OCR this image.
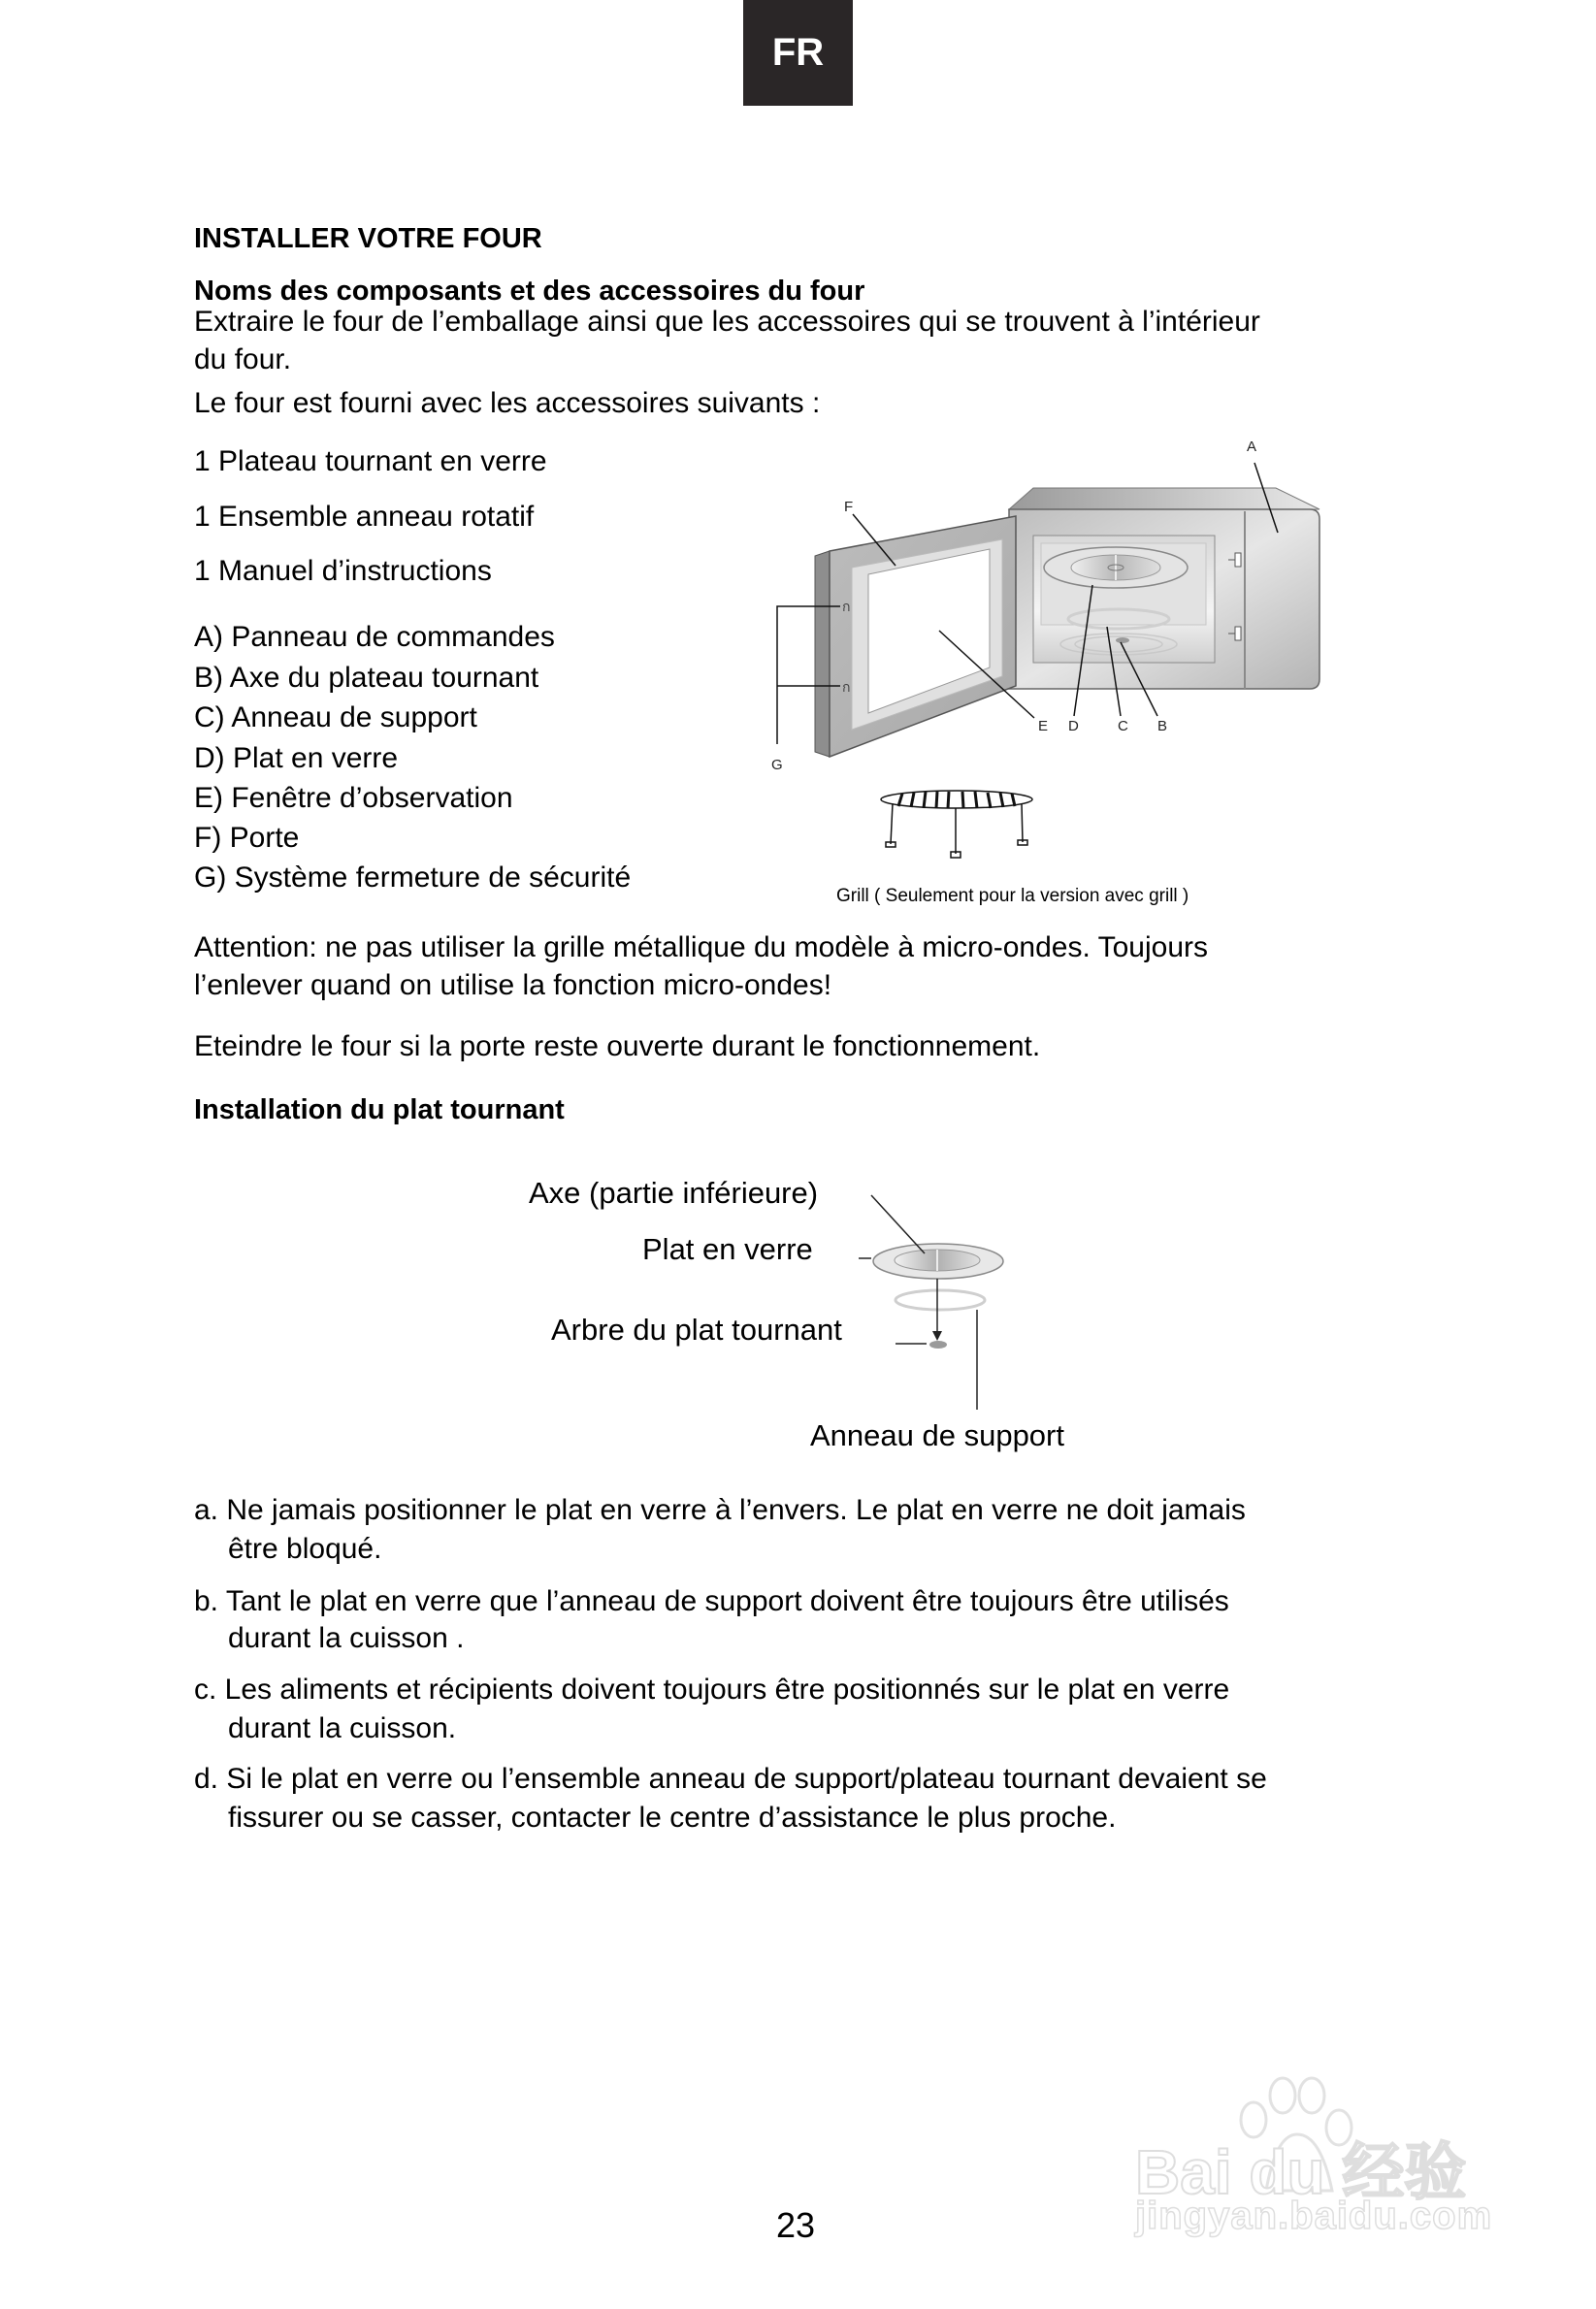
FR
INSTALLER VOTRE FOUR
Noms des composants et des accessoires du four
Extraire le four de l’emballage ainsi que les accessoires qui se trouvent à l’intérieur
du four.
Le four est fourni avec les accessoires suivants :
1 Plateau tournant en verre
1 Ensemble anneau rotatif
1 Manuel d’instructions
A) Panneau de commandes
B) Axe du plateau tournant
C) Anneau de support
D) Plat en verre
E) Fenêtre d’observation
F) Porte
G) Système fermeture de sécurité
ก
ก
A
F
G
E D	C B
Grill ( Seulement pour la version avec grill )
Attention: ne pas utiliser la grille métallique du modèle à micro-ondes. Toujours
l’enlever quand on utilise la fonction micro-ondes!
Eteindre le four si la porte reste ouverte durant le fonctionnement.
Installation du plat tournant
Axe (partie inférieure)
Plat en verre
Arbre du plat tournant
Anneau de support
a. Ne jamais positionner le plat en verre à l’envers. Le plat en verre ne doit jamais
être bloqué.
b. Tant le plat en verre que l’anneau de support doivent être toujours être utilisés
durant la cuisson .
c. Les aliments et récipients doivent toujours être positionnés sur le plat en verre
durant la cuisson.
d. Si le plat en verre ou l’ensemble anneau de support/plateau tournant devaient se
fissurer ou se casser, contacter le centre d’assistance le plus proche.
Bai du 经验
jingyan.baidu.com
23
